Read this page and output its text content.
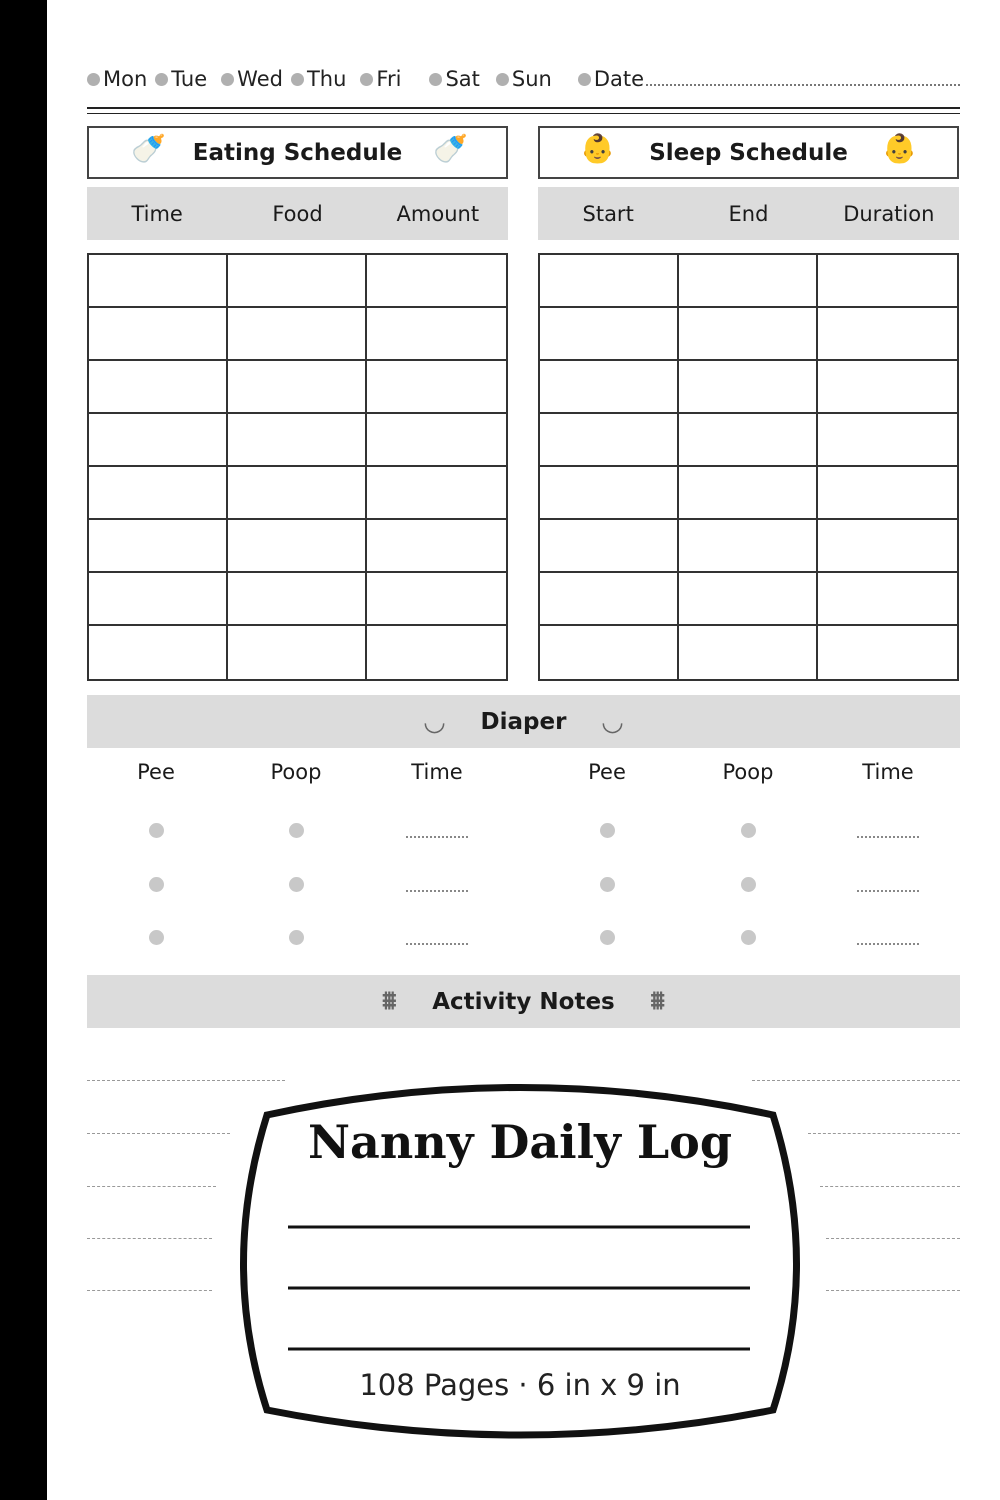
Mon Tue Wed Thu Fri Sat Sun Date
🍼 Eating Schedule 🍼
Time	Food	Amount
👶 Sleep Schedule 👶
Start	End	Duration
◡ Diaper ◡
Pee	Poop	Time	Pee	Poop	Time
⩩ Activity Notes ⩩
Nanny Daily Log
108 Pages · 6 in x 9 in
